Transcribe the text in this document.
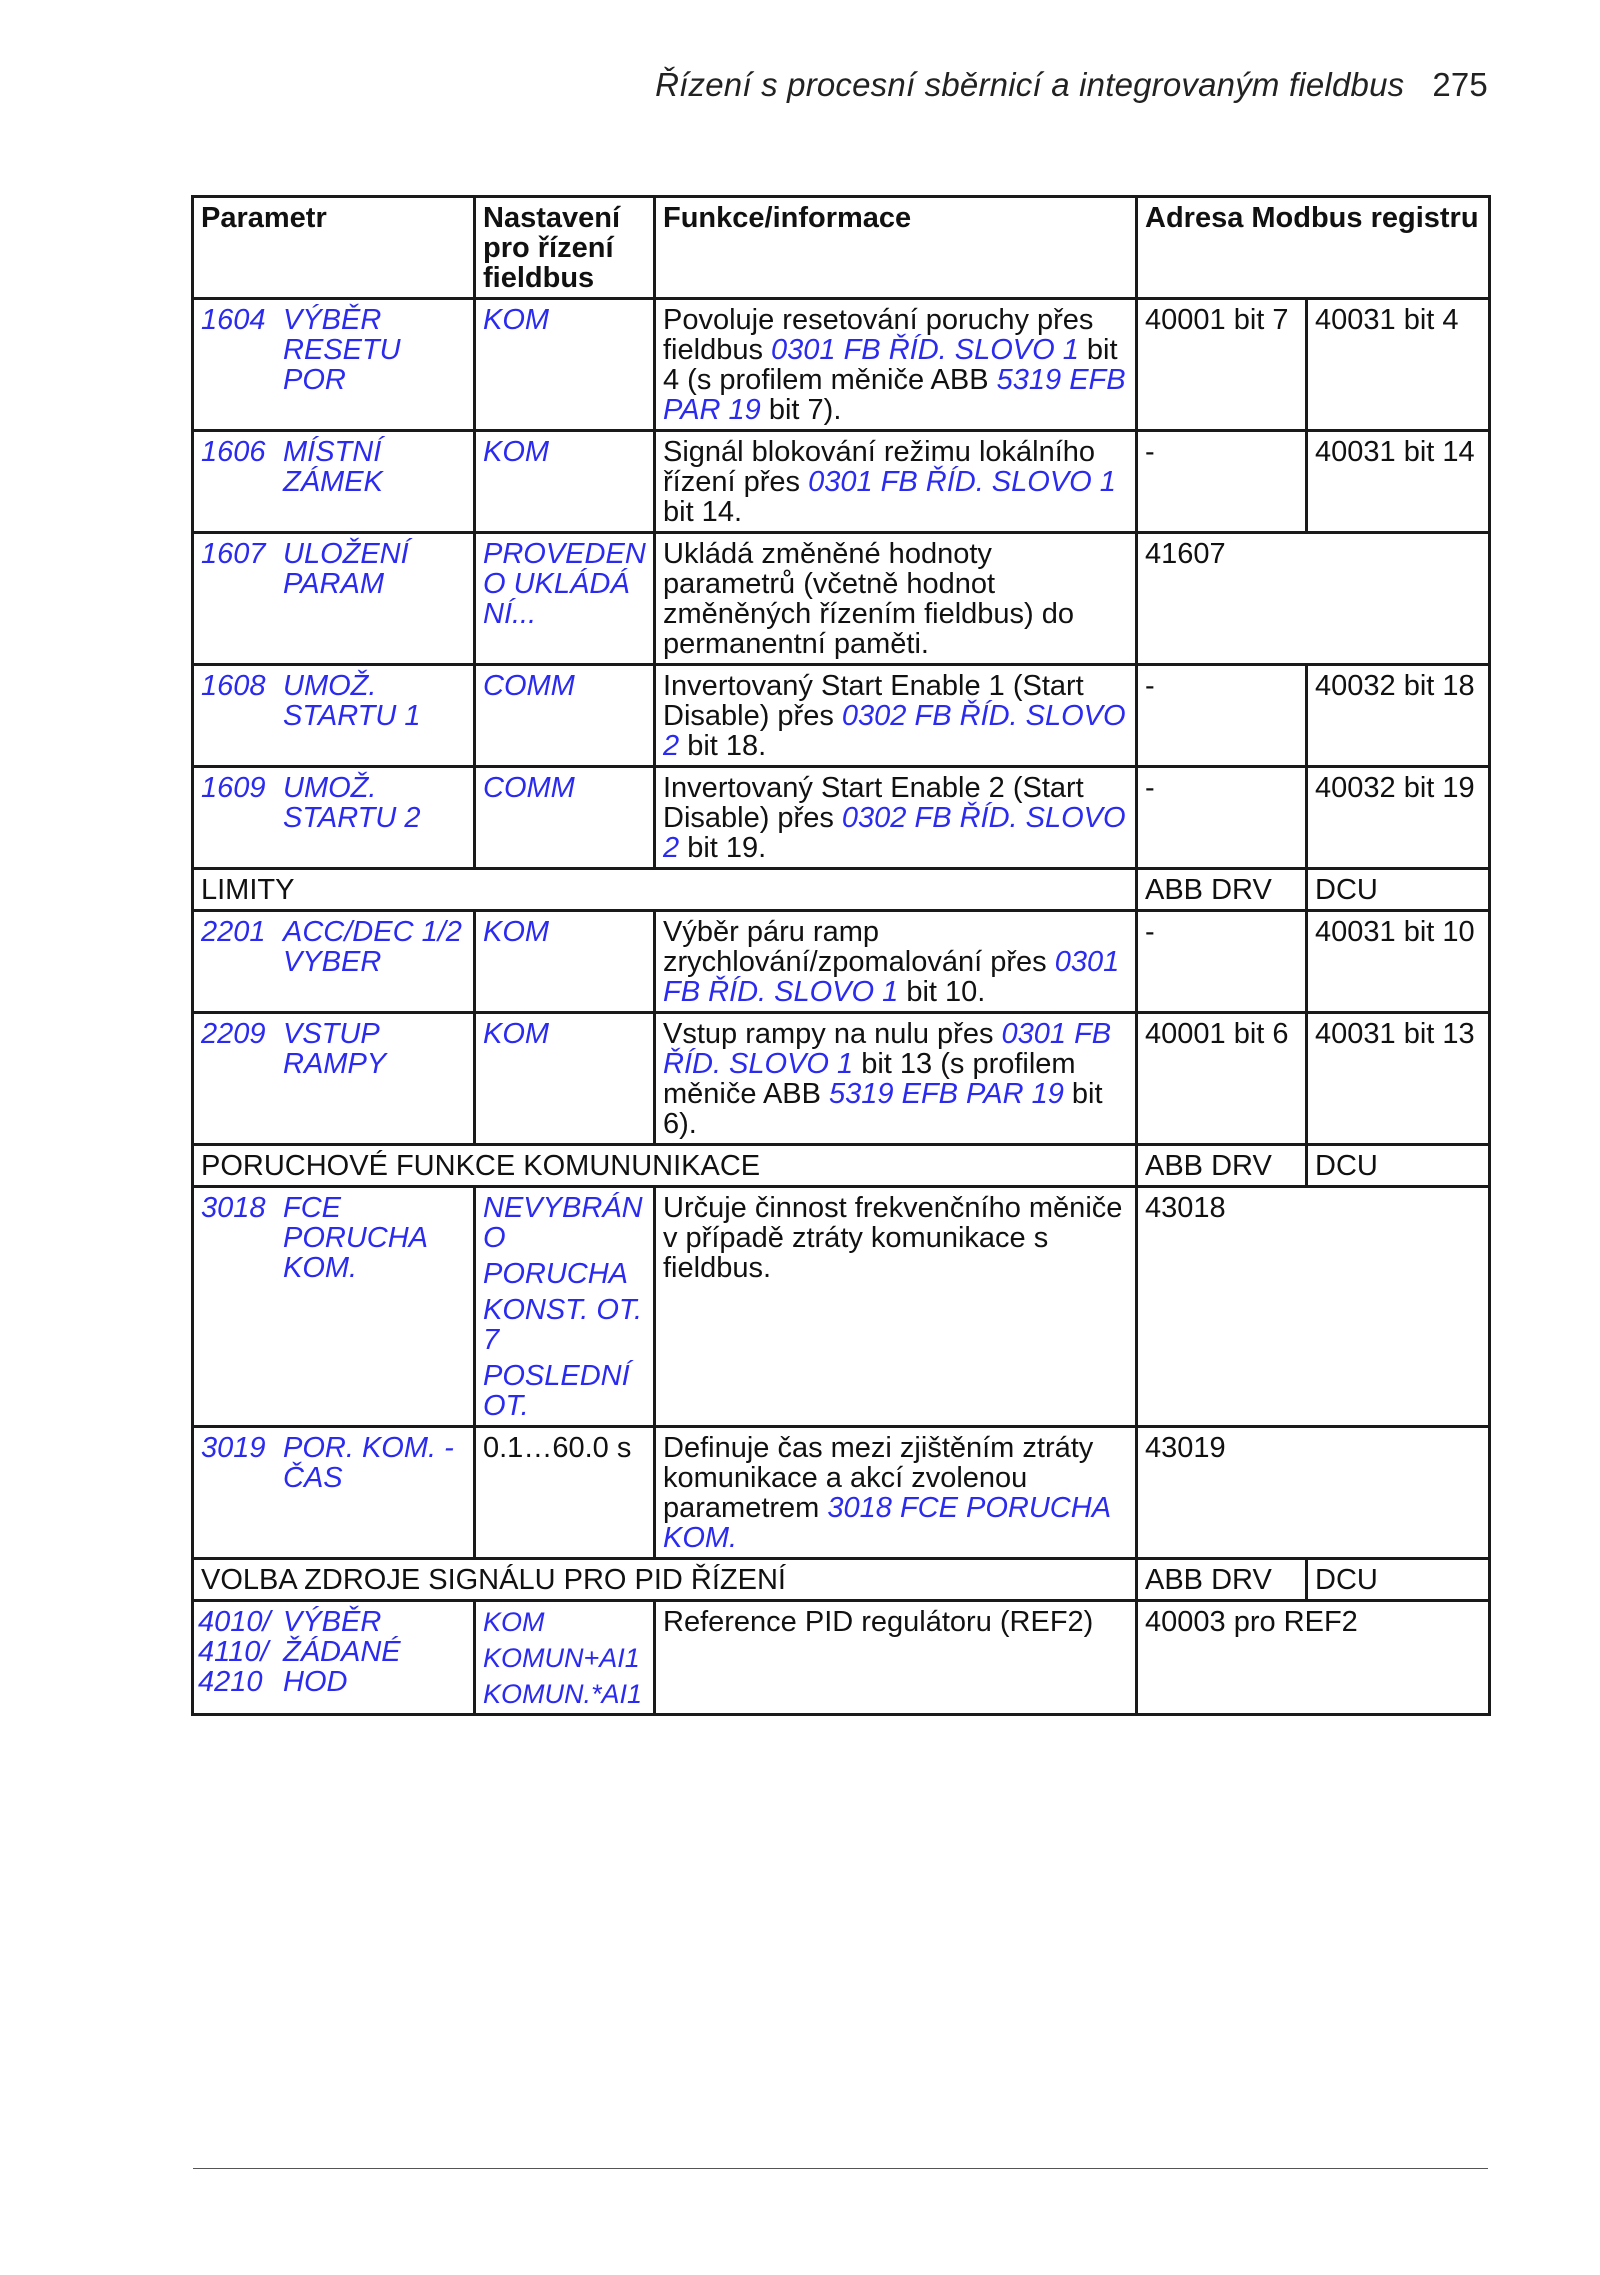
Řízení s procesní sběrnicí a integrovaným fieldbus 275
Parametr	Nastavení pro řízení fieldbus	Funkce/informace	Adresa Modbus registru	

1604 VÝBĚR RESETU POR	KOM	Povoluje resetování poruchy přes fieldbus 0301 FB ŘÍD. SLOVO 1 bit 4 (s profilem měniče ABB 5319 EFB PAR 19 bit 7).	40001 bit 7	40031 bit 4

1606 MÍSTNÍ ZÁMEK	KOM	Signál blokování režimu lokálního řízení přes 0301 FB ŘÍD. SLOVO 1 bit 14.	-	40031 bit 14

1607 ULOŽENÍ PARAM	PROVEDENO UKLÁDÁNÍ...	Ukládá změněné hodnoty parametrů (včetně hodnot změněných řízením fieldbus) do permanentní paměti.	41607	

1608 UMOŽ. STARTU 1	COMM	Invertovaný Start Enable 1 (Start Disable) přes 0302 FB ŘÍD. SLOVO 2 bit 18.	-	40032 bit 18

1609 UMOŽ. STARTU 2	COMM	Invertovaný Start Enable 2 (Start Disable) přes 0302 FB ŘÍD. SLOVO 2 bit 19.	-	40032 bit 19
LIMITY			ABB DRV	DCU

2201 ACC/DEC 1/2 VYBER	KOM	Výběr páru ramp zrychlování/zpomalování přes 0301 FB ŘÍD. SLOVO 1 bit 10.	-	40031 bit 10

2209 VSTUP RAMPY	KOM	Vstup rampy na nulu přes 0301 FB ŘÍD. SLOVO 1 bit 13 (s profilem měniče ABB 5319 EFB PAR 19 bit 6).	40001 bit 6	40031 bit 13
PORUCHOVÉ FUNKCE KOMUNUNIKACE			ABB DRV	DCU

3018 FCE PORUCHA KOM.	NEVYBRÁNO
PORUCHA
KONST. OT. 7
POSLEDNÍ OT.	Určuje činnost frekvenčního měniče v případě ztráty komunikace s fieldbus.	43018	

3019 POR. KOM. - ČAS	0.1…60.0 s	Definuje čas mezi zjištěním ztráty komunikace a akcí zvolenou parametrem 3018 FCE PORUCHA KOM.	43019	
VOLBA ZDROJE SIGNÁLU PRO PID ŘÍZENÍ			ABB DRV	DCU

4010/
4110/
4210
VÝBĚR ŽÁDANÉ HOD	KOM
KOMUN+AI1
KOMUN.*AI1	Reference PID regulátoru (REF2)	40003 pro REF2	
